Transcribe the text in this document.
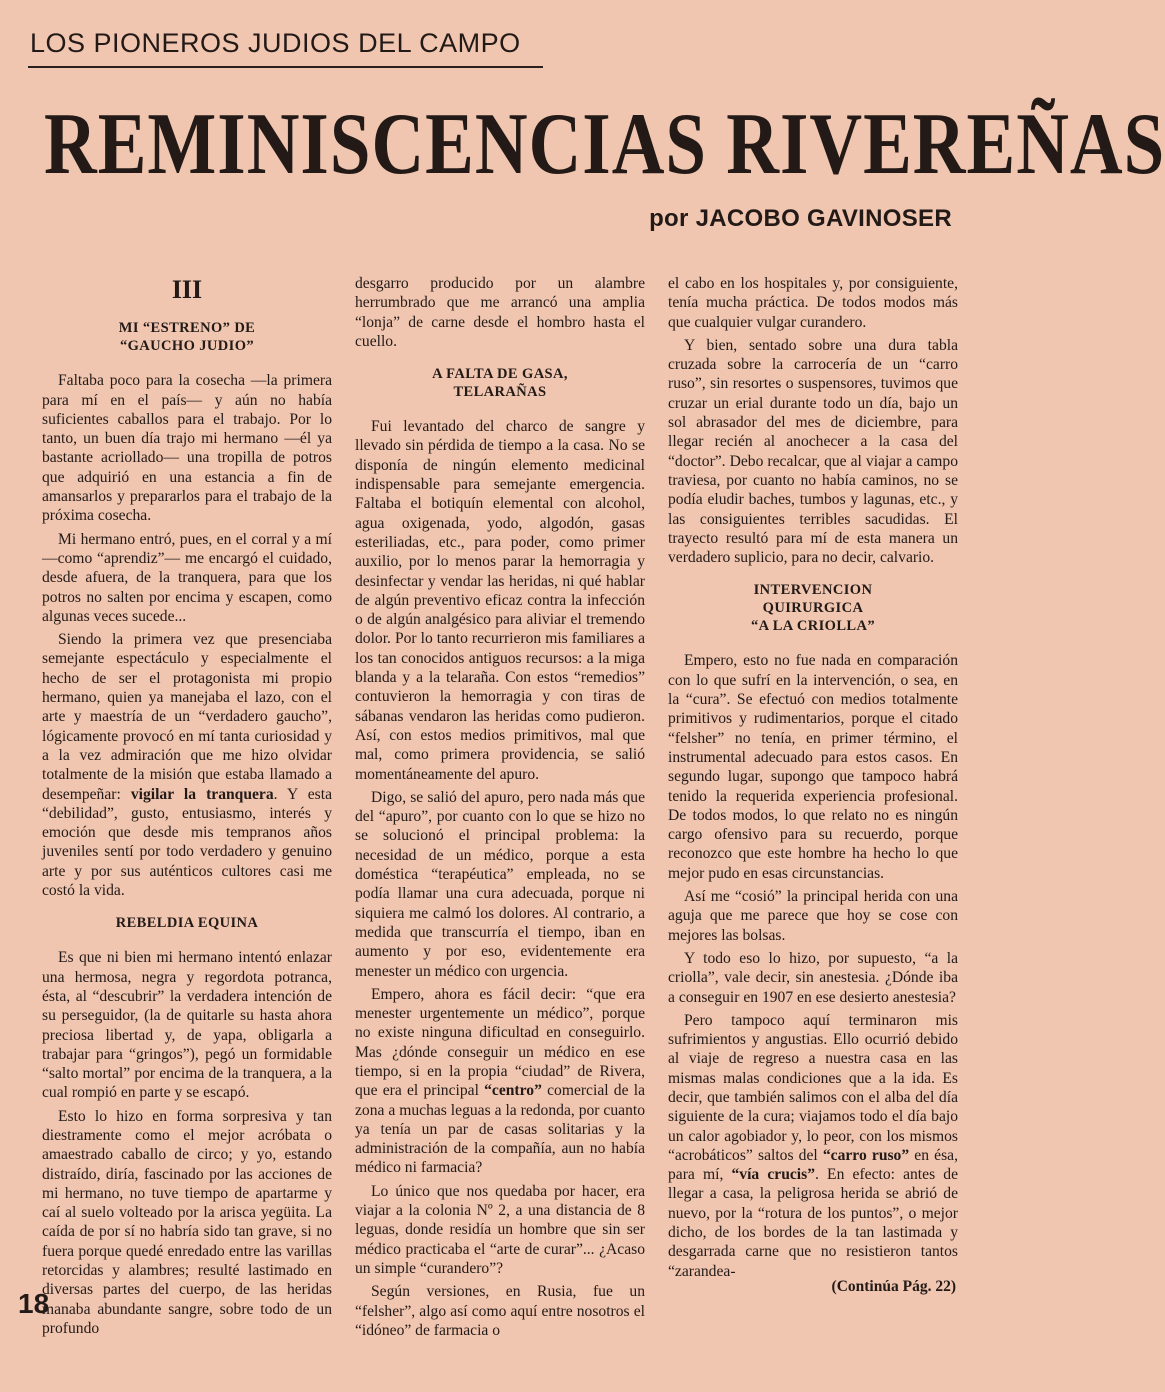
LOS PIONEROS JUDIOS DEL CAMPO
REMINISCENCIAS RIVEREÑAS
por JACOBO GAVINOSER
III
MI “ESTRENO” DE
“GAUCHO JUDIO”

Faltaba poco para la cosecha —la primera para mí en el país— y aún no había suficientes caballos para el trabajo. Por lo tanto, un buen día trajo mi hermano —él ya bastante acriollado— una tropilla de potros que adquirió en una estancia a fin de amansarlos y prepararlos para el trabajo de la próxima cosecha.

Mi hermano entró, pues, en el corral y a mí —como “aprendiz”— me encargó el cuidado, desde afuera, de la tranquera, para que los potros no salten por encima y escapen, como algunas veces sucede...

Siendo la primera vez que presenciaba semejante espectáculo y especialmente el hecho de ser el protagonista mi propio hermano, quien ya manejaba el lazo, con el arte y maestría de un “verdadero gaucho”, lógicamente provocó en mí tanta curiosidad y a la vez admiración que me hizo olvidar totalmente de la misión que estaba llamado a desempeñar: vigilar la tranquera. Y esta “debilidad”, gusto, entusiasmo, interés y emoción que desde mis tempranos años juveniles sentí por todo verdadero y genuino arte y por sus auténticos cultores casi me costó la vida.

REBELDIA EQUINA

Es que ni bien mi hermano intentó enlazar una hermosa, negra y regordota potranca, ésta, al “descubrir” la verdadera intención de su perseguidor, (la de quitarle su hasta ahora preciosa libertad y, de yapa, obligarla a trabajar para “gringos”), pegó un formidable “salto mortal” por encima de la tranquera, a la cual rompió en parte y se escapó.

Esto lo hizo en forma sorpresiva y tan diestramente como el mejor acróbata o amaestrado caballo de circo; y yo, estando distraído, diría, fascinado por las acciones de mi hermano, no tuve tiempo de apartarme y caí al suelo volteado por la arisca yegüita. La caída de por sí no habría sido tan grave, si no fuera porque quedé enredado entre las varillas retorcidas y alambres; resulté lastimado en diversas partes del cuerpo, de las heridas manaba abundante sangre, sobre todo de un profundo

desgarro producido por un alambre herrumbrado que me arrancó una amplia “lonja” de carne desde el hombro hasta el cuello.

A FALTA DE GASA,
TELARAÑAS

Fui levantado del charco de sangre y llevado sin pérdida de tiempo a la casa. No se disponía de ningún elemento medicinal indispensable para semejante emergencia. Faltaba el botiquín elemental con alcohol, agua oxigenada, yodo, algodón, gasas esteriliadas, etc., para poder, como primer auxilio, por lo menos parar la hemorragia y desinfectar y vendar las heridas, ni qué hablar de algún preventivo eficaz contra la infección o de algún analgésico para aliviar el tremendo dolor. Por lo tanto recurrieron mis familiares a los tan conocidos antiguos recursos: a la miga blanda y a la telaraña. Con estos “remedios” contuvieron la hemorragia y con tiras de sábanas vendaron las heridas como pudieron. Así, con estos medios primitivos, mal que mal, como primera providencia, se salió momentáneamente del apuro.

Digo, se salió del apuro, pero nada más que del “apuro”, por cuanto con lo que se hizo no se solucionó el principal problema: la necesidad de un médico, porque a esta doméstica “terapéutica” empleada, no se podía llamar una cura adecuada, porque ni siquiera me calmó los dolores. Al contrario, a medida que transcurría el tiempo, iban en aumento y por eso, evidentemente era menester un médico con urgencia.

Empero, ahora es fácil decir: “que era menester urgentemente un médico”, porque no existe ninguna dificultad en conseguirlo. Mas ¿dónde conseguir un médico en ese tiempo, si en la propia “ciudad” de Rivera, que era el principal “centro” comercial de la zona a muchas leguas a la redonda, por cuanto ya tenía un par de casas solitarias y la administración de la compañía, aun no había médico ni farmacia?

Lo único que nos quedaba por hacer, era viajar a la colonia Nº 2, a una distancia de 8 leguas, donde residía un hombre que sin ser médico practicaba el “arte de curar”... ¿Acaso un simple “curandero”?

Según versiones, en Rusia, fue un “felsher”, algo así como aquí entre nosotros el “idóneo” de farmacia o

el cabo en los hospitales y, por consiguiente, tenía mucha práctica. De todos modos más que cualquier vulgar curandero.

Y bien, sentado sobre una dura tabla cruzada sobre la carrocería de un “carro ruso”, sin resortes o suspensores, tuvimos que cruzar un erial durante todo un día, bajo un sol abrasador del mes de diciembre, para llegar recién al anochecer a la casa del “doctor”. Debo recalcar, que al viajar a campo traviesa, por cuanto no había caminos, no se podía eludir baches, tumbos y lagunas, etc., y las consiguientes terribles sacudidas. El trayecto resultó para mí de esta manera un verdadero suplicio, para no decir, calvario.

INTERVENCION
QUIRURGICA
“A LA CRIOLLA”

Empero, esto no fue nada en comparación con lo que sufrí en la intervención, o sea, en la “cura”. Se efectuó con medios totalmente primitivos y rudimentarios, porque el citado “felsher” no tenía, en primer término, el instrumental adecuado para estos casos. En segundo lugar, supongo que tampoco habrá tenido la requerida experiencia profesional. De todos modos, lo que relato no es ningún cargo ofensivo para su recuerdo, porque reconozco que este hombre ha hecho lo que mejor pudo en esas circunstancias.

Así me “cosió” la principal herida con una aguja que me parece que hoy se cose con mejores las bolsas.

Y todo eso lo hizo, por supuesto, “a la criolla”, vale decir, sin anestesia. ¿Dónde iba a conseguir en 1907 en ese desierto anestesia?

Pero tampoco aquí terminaron mis sufrimientos y angustias. Ello ocurrió debido al viaje de regreso a nuestra casa en las mismas malas condiciones que a la ida. Es decir, que también salimos con el alba del día siguiente de la cura; viajamos todo el día bajo un calor agobiador y, lo peor, con los mismos “acrobáticos” saltos del “carro ruso” en ésa, para mí, “vía crucis”. En efecto: antes de llegar a casa, la peligrosa herida se abrió de nuevo, por la “rotura de los puntos”, o mejor dicho, de los bordes de la tan lastimada y desgarrada carne que no resistieron tantos “zarandea-

(Continúa Pág. 22)
18
